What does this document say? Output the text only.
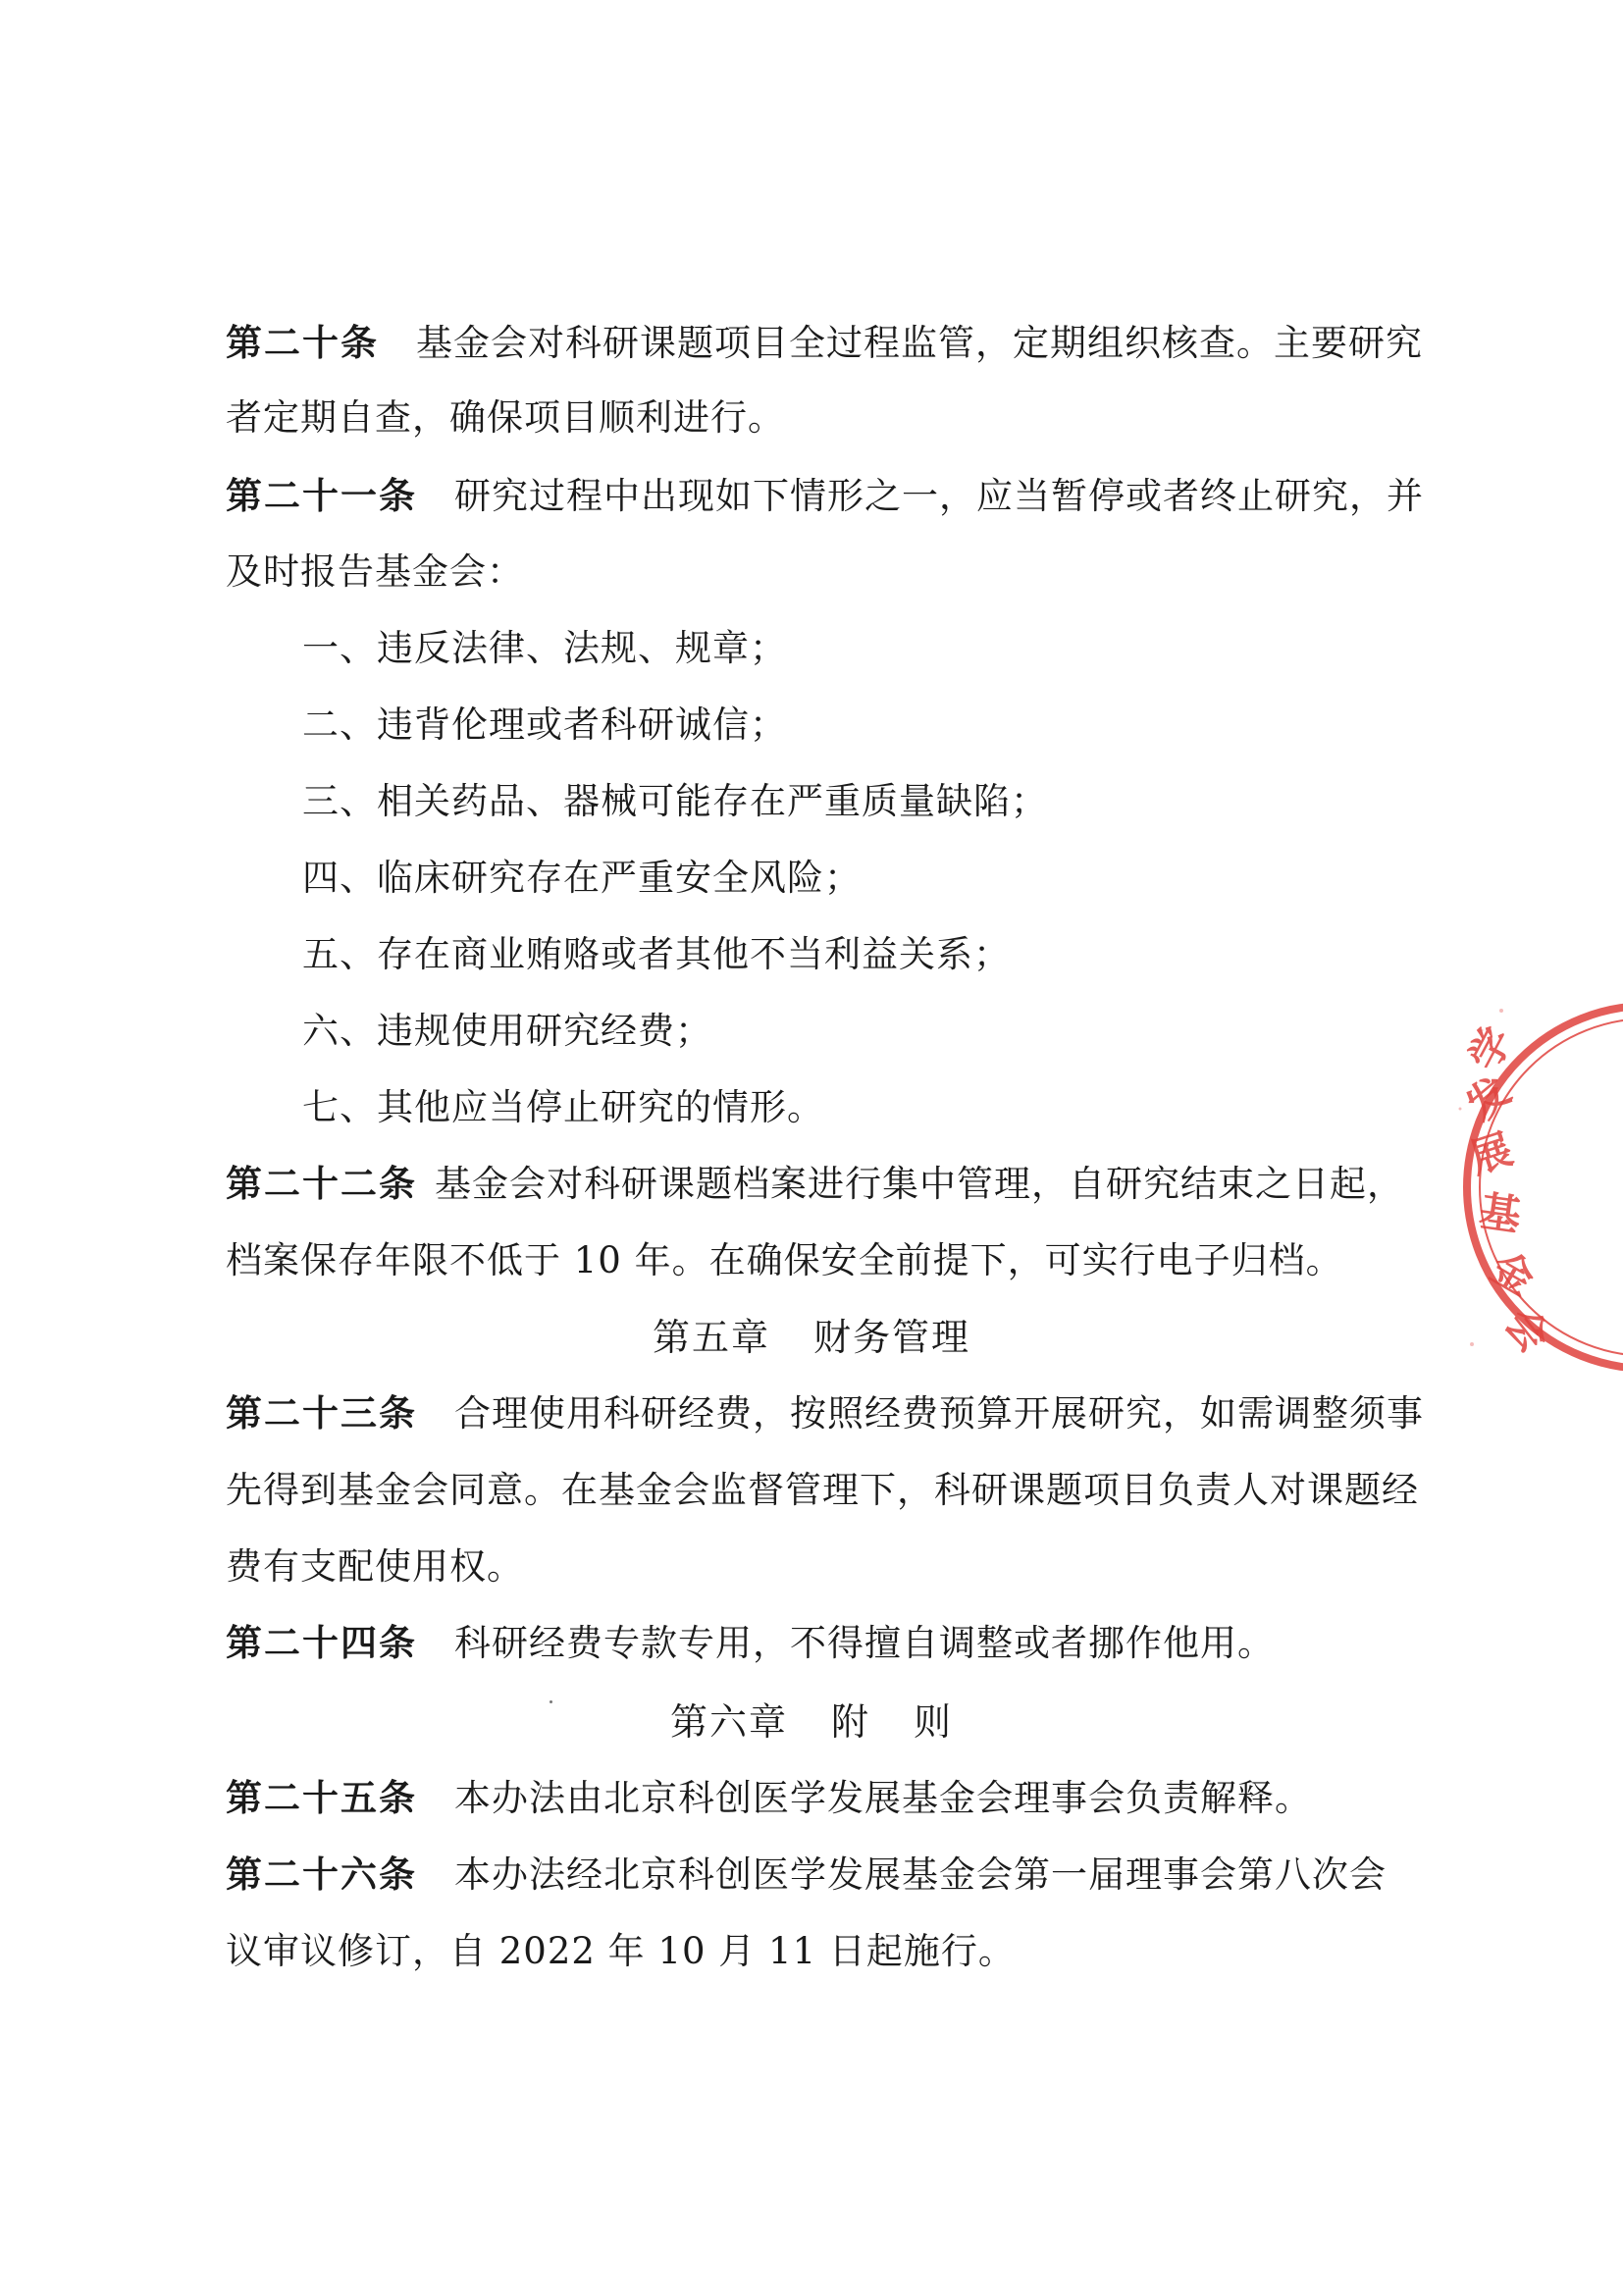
第二十条 基金会对科研课题项目全过程监管，定期组织核查。主要研究
者定期自查，确保项目顺利进行。
第二十一条 研究过程中出现如下情形之一，应当暂停或者终止研究，并
及时报告基金会：
一、违反法律、法规、规章；
二、违背伦理或者科研诚信；
三、相关药品、器械可能存在严重质量缺陷；
四、临床研究存在严重安全风险；
五、存在商业贿赂或者其他不当利益关系；
六、违规使用研究经费；
七、其他应当停止研究的情形。
第二十二条 基金会对科研课题档案进行集中管理，自研究结束之日起，
档案保存年限不低于 10 年。在确保安全前提下，可实行电子归档。
第五章 财务管理
第二十三条 合理使用科研经费，按照经费预算开展研究，如需调整须事
先得到基金会同意。在基金会监督管理下，科研课题项目负责人对课题经
费有支配使用权。
第二十四条 科研经费专款专用，不得擅自调整或者挪作他用。
第六章 附 则
第二十五条 本办法由北京科创医学发展基金会理事会负责解释。
第二十六条 本办法经北京科创医学发展基金会第一届理事会第八次会
议审议修订，自 2022 年 10 月 11 日起施行。
学
发
展
基
金
会
